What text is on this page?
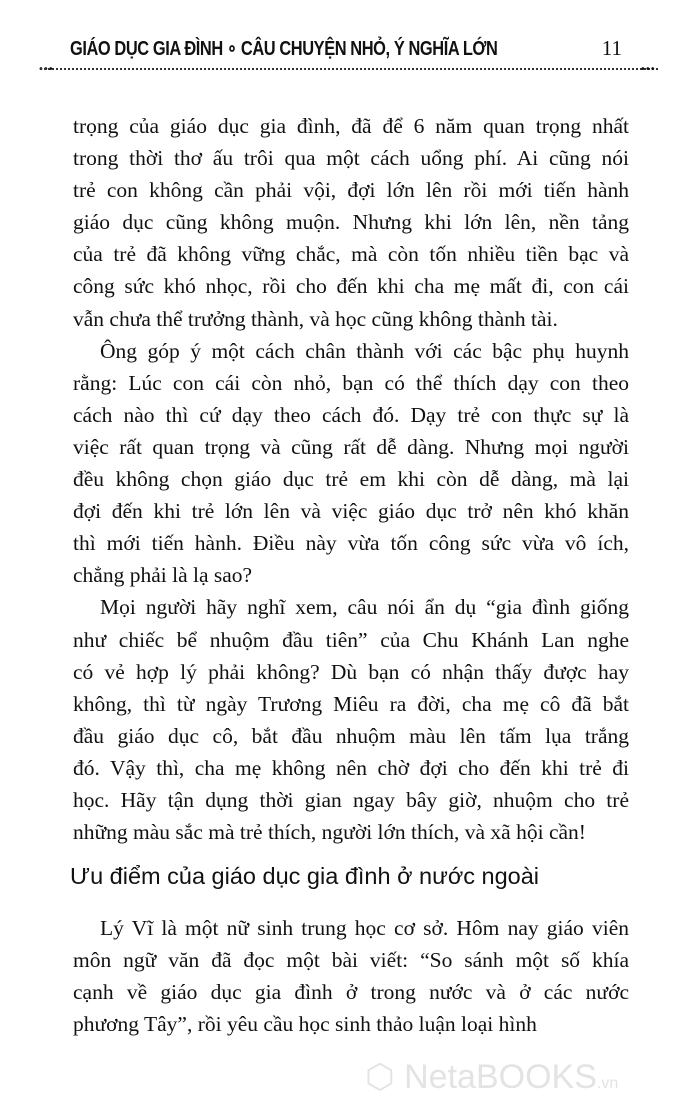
GIÁO DỤC GIA ĐÌNH ∘ CÂU CHUYỆN NHỎ, Ý NGHĨA LỚN	11
•••	•••
trọng của giáo dục gia đình, đã để 6 năm quan trọng nhất
trong thời thơ ấu trôi qua một cách uổng phí. Ai cũng nói
trẻ con không cần phải vội, đợi lớn lên rồi mới tiến hành
giáo dục cũng không muộn. Nhưng khi lớn lên, nền tảng
của trẻ đã không vững chắc, mà còn tốn nhiều tiền bạc và
công sức khó nhọc, rồi cho đến khi cha mẹ mất đi, con cái
vẫn chưa thể trưởng thành, và học cũng không thành tài.
Ông góp ý một cách chân thành với các bậc phụ huynh
rằng: Lúc con cái còn nhỏ, bạn có thể thích dạy con theo
cách nào thì cứ dạy theo cách đó. Dạy trẻ con thực sự là
việc rất quan trọng và cũng rất dễ dàng. Nhưng mọi người
đều không chọn giáo dục trẻ em khi còn dễ dàng, mà lại
đợi đến khi trẻ lớn lên và việc giáo dục trở nên khó khăn
thì mới tiến hành. Điều này vừa tốn công sức vừa vô ích,
chẳng phải là lạ sao?
Mọi người hãy nghĩ xem, câu nói ẩn dụ “gia đình giống
như chiếc bể nhuộm đầu tiên” của Chu Khánh Lan nghe
có vẻ hợp lý phải không? Dù bạn có nhận thấy được hay
không, thì từ ngày Trương Miêu ra đời, cha mẹ cô đã bắt
đầu giáo dục cô, bắt đầu nhuộm màu lên tấm lụa trắng
đó. Vậy thì, cha mẹ không nên chờ đợi cho đến khi trẻ đi
học. Hãy tận dụng thời gian ngay bây giờ, nhuộm cho trẻ
những màu sắc mà trẻ thích, người lớn thích, và xã hội cần!
Ưu điểm của giáo dục gia đình ở nước ngoài
Lý Vĩ là một nữ sinh trung học cơ sở. Hôm nay giáo viên
môn ngữ văn đã đọc một bài viết: “So sánh một số khía
cạnh về giáo dục gia đình ở trong nước và ở các nước
phương Tây”, rồi yêu cầu học sinh thảo luận loại hình
⬡ NetaBOOKS.vn
